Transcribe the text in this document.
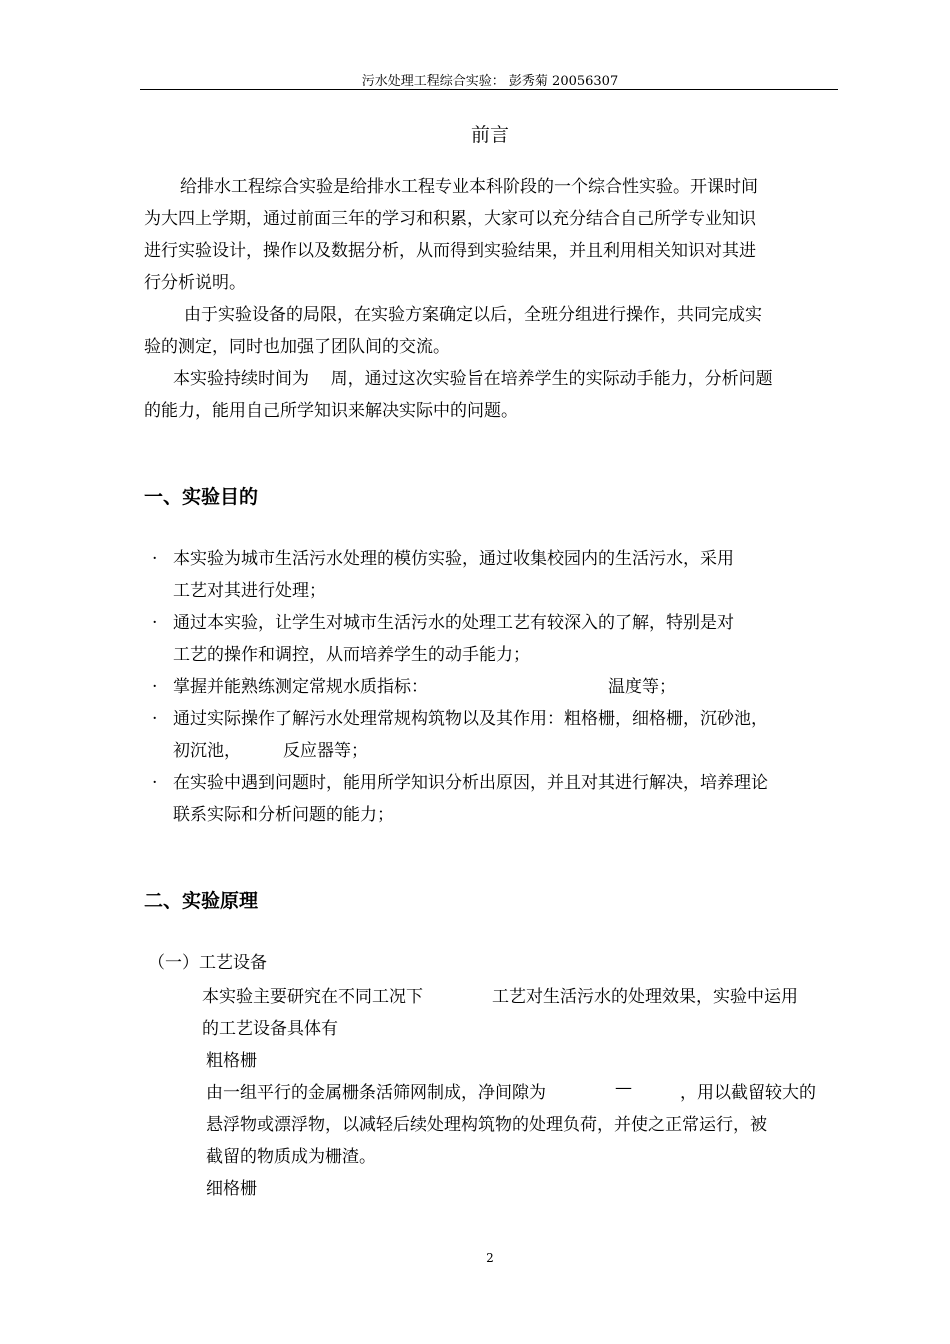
污水处理工程综合实验： 彭秀菊 20056307
前言
给排水工程综合实验是给排水工程专业本科阶段的一个综合性实验。开课时间
为大四上学期，通过前面三年的学习和积累，大家可以充分结合自己所学专业知识
进行实验设计，操作以及数据分析，从而得到实验结果，并且利用相关知识对其进
行分析说明。
由于实验设备的局限，在实验方案确定以后，全班分组进行操作，共同完成实
验的测定，同时也加强了团队间的交流。
本实验持续时间为    周，通过这次实验旨在培养学生的实际动手能力，分析问题
的能力，能用自己所学知识来解决实际中的问题。
一、实验目的
. 本实验为城市生活污水处理的模仿实验，通过收集校园内的生活污水，采用
工艺对其进行处理；
. 通过本实验，让学生对城市生活污水的处理工艺有较深入的了解，特别是对
工艺的操作和调控，从而培养学生的动手能力；
. 掌握并能熟练测定常规水质指标：	温度等；
. 通过实际操作了解污水处理常规构筑物以及其作用：粗格栅，细格栅，沉砂池，
初沉池， 反应器等；
. 在实验中遇到问题时，能用所学知识分析出原因，并且对其进行解决，培养理论
联系实际和分析问题的能力；
二、实验原理
（一）工艺设备
本实验主要研究在不同工况下	工艺对生活污水的处理效果，实验中运用
的工艺设备具体有
粗格栅
由一组平行的金属栅条活筛网制成，净间隙为	—	，用以截留较大的
悬浮物或漂浮物，以减轻后续处理构筑物的处理负荷，并使之正常运行，被
截留的物质成为栅渣。
细格栅
2
